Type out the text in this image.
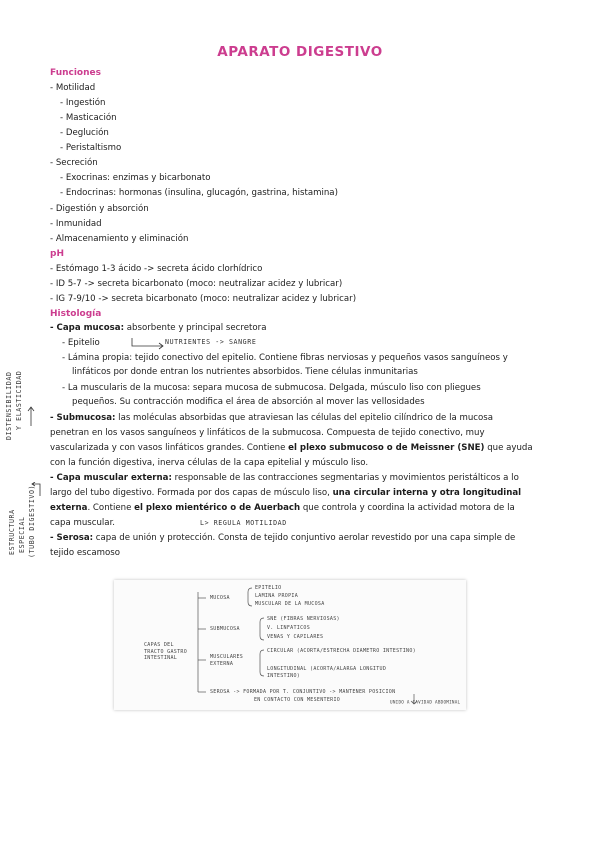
APARATO DIGESTIVO
Funciones
- Motilidad
- Ingestión
- Masticación
- Deglución
- Peristaltismo
- Secreción
- Exocrinas: enzimas y bicarbonato
- Endocrinas: hormonas (insulina, glucagón, gastrina, histamina)
- Digestión y absorción
- Inmunidad
- Almacenamiento y eliminación
pH
- Estómago 1-3 ácido -> secreta ácido clorhídrico
- ID 5-7 -> secreta bicarbonato (moco: neutralizar acidez y lubricar)
- IG 7-9/10 -> secreta bicarbonato (moco: neutralizar acidez y lubricar)
Histología
- Capa mucosa: absorbente y principal secretora
- Epitelio
- Lámina propia: tejido conectivo del epitelio. Contiene fibras nerviosas y pequeños vasos sanguíneos y
linfáticos por donde entran los nutrientes absorbidos. Tiene células inmunitarias
- La muscularis de la mucosa: separa mucosa de submucosa. Delgada, músculo liso con pliegues
pequeños. Su contracción modifica el área de absorción al mover las vellosidades
- Submucosa: las moléculas absorbidas que atraviesan las células del epitelio cilíndrico de la mucosa
penetran en los vasos sanguíneos y linfáticos de la submucosa. Compuesta de tejido conectivo, muy
vascularizada y con vasos linfáticos grandes. Contiene el plexo submucoso o de Meissner (SNE) que ayuda
con la función digestiva, inerva células de la capa epitelial y músculo liso.
- Capa muscular externa: responsable de las contracciones segmentarias y movimientos peristálticos a lo
largo del tubo digestivo. Formada por dos capas de músculo liso, una circular interna y otra longitudinal
externa. Contiene el plexo mientérico o de Auerbach que controla y coordina la actividad motora de la
capa muscular.
- Serosa: capa de unión y protección. Consta de tejido conjuntivo aerolar revestido por una capa simple de
tejido escamoso
NUTRIENTES -> SANGRE
L> REGULA MOTILIDAD
DISTENSIBILIDAD Y ELASTICIDAD
ESTRUCTURA ESPECIAL (TUBO DIGESTIVO)
CAPAS DEL TRACTO GASTRO INTESTINAL
MUCOSA
EPITELIO
LAMINA PROPIA
MUSCULAR DE LA MUCOSA
SUBMUCOSA
SNE (FIBRAS NERVIOSAS)
V. LINFATICOS
VENAS Y CAPILARES
MUSCULARES EXTERNA
CIRCULAR (ACORTA/ESTRECHA DIAMETRO INTESTINO)
LONGITUDINAL (ACORTA/ALARGA LONGITUD INTESTINO)
SEROSA -> FORMADA POR T. CONJUNTIVO -> MANTENER POSICION
EN CONTACTO CON MESENTERIO	UNIDO A CAVIDAD ABDOMINAL
